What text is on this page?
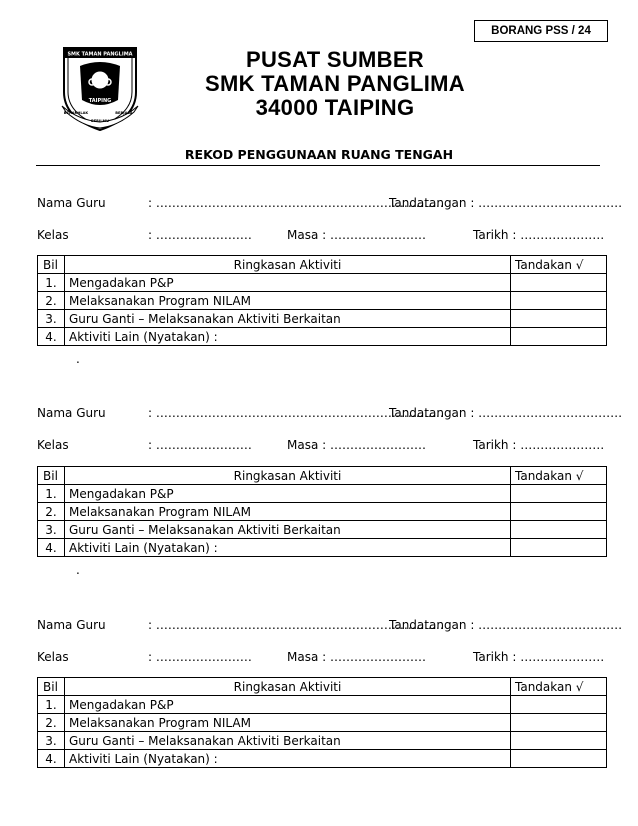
BORANG PSS / 24
SMK TAMAN PANGLIMA
TAIPING
BERAKHLAK
BERILMU
BERJASA
PUSAT SUMBER
SMK TAMAN PANGLIMA
34000 TAIPING
REKOD PENGGUNAAN RUANG TENGAH
Nama Guru	: ………………………………………………………………
Tandatangan : ………………………………
Kelas	: ……………………	Masa : ……………………	Tarikh : …………………
Bil	Ringkasan Aktiviti	Tandakan √
1.	Mengadakan P&P	
2.	Melaksanakan Program NILAM	
3.	Guru Ganti – Melaksanakan Aktiviti Berkaitan	
4.	Aktiviti Lain (Nyatakan) :	
.
Nama Guru	: ………………………………………………………………
Tandatangan : ………………………………
Kelas	: ……………………	Masa : ……………………	Tarikh : …………………
Bil	Ringkasan Aktiviti	Tandakan √
1.	Mengadakan P&P	
2.	Melaksanakan Program NILAM	
3.	Guru Ganti – Melaksanakan Aktiviti Berkaitan	
4.	Aktiviti Lain (Nyatakan) :	
.
Nama Guru	: ………………………………………………………………
Tandatangan : ………………………………
Kelas	: ……………………	Masa : ……………………	Tarikh : …………………
Bil	Ringkasan Aktiviti	Tandakan √
1.	Mengadakan P&P	
2.	Melaksanakan Program NILAM	
3.	Guru Ganti – Melaksanakan Aktiviti Berkaitan	
4.	Aktiviti Lain (Nyatakan) :	
